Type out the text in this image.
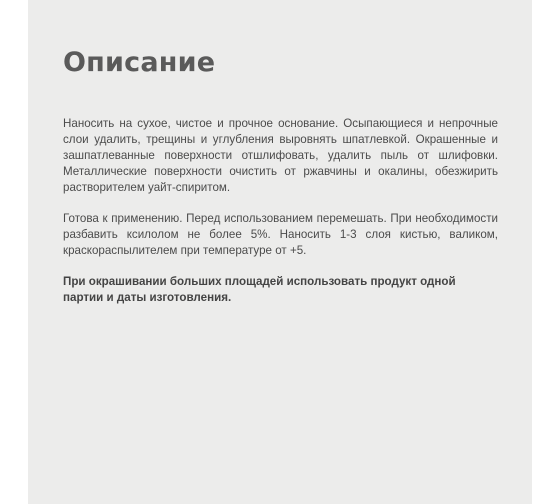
Описание

Наносить на сухое, чистое и прочное основание. Осыпающиеся и непрочные слои удалить, трещины и углубления выровнять шпатлевкой. Окрашенные и зашпатлеванные поверхности отшлифовать, удалить пыль от шлифовки. Металлические поверхности очистить от ржавчины и окалины, обезжирить растворителем уайт-спиритом.

Готова к применению. Перед использованием перемешать. При необходимости разбавить ксилолом не более 5%. Наносить 1-3 слоя кистью, валиком, краскораспылителем при температуре от +5.

При окрашивании больших площадей использовать продукт одной партии и даты изготовления.
